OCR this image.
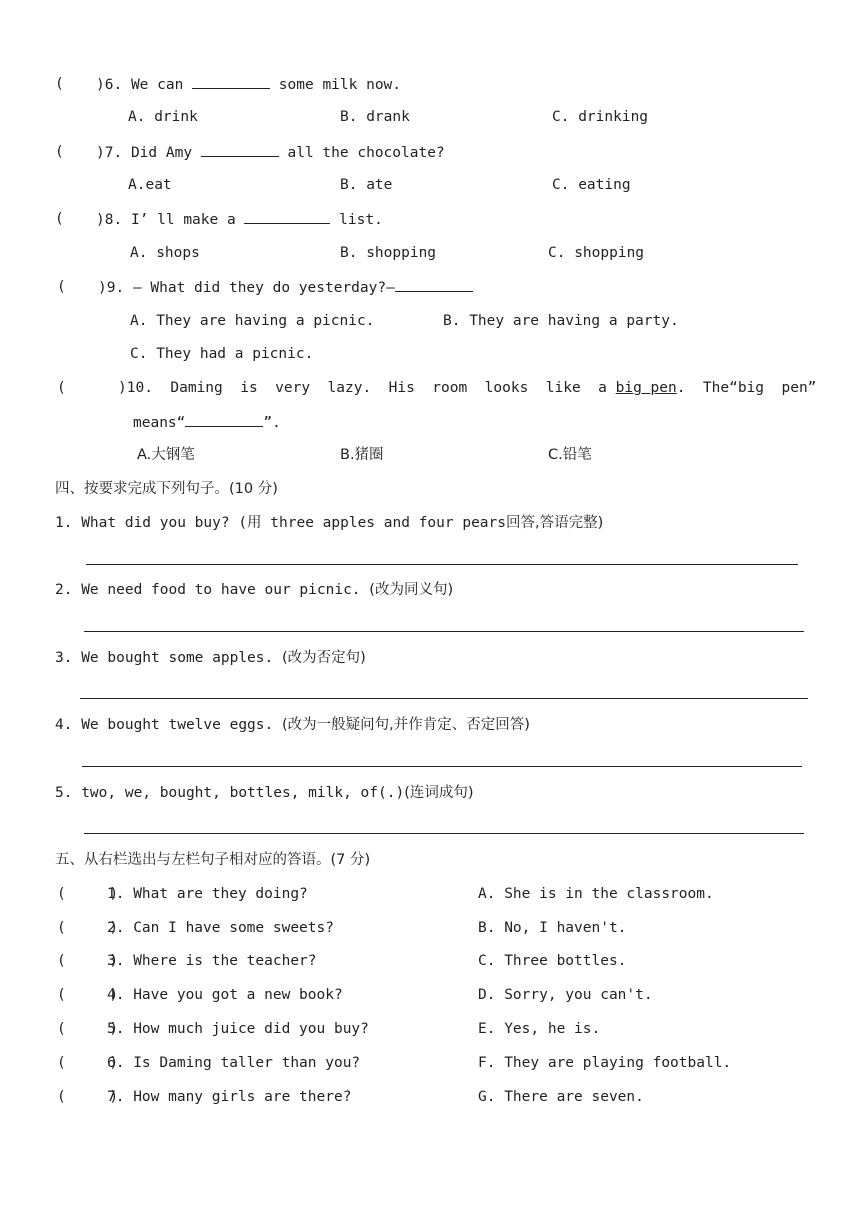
( )6. We can	some milk now.
A. drink	B. drank	C. drinking
( )7. Did Amy	all the chocolate?
A.eat	B. ate	C. eating
( )8. I’ ll make a	list.
A. shops	B. shopping	C. shopping
( )9. — What did they do yesterday?—
A. They are having a picnic.	B. They are having a party.
C. They had a picnic.
(	)10. Daming  is  very  lazy.  His  room  looks  like  a big pen.  The“big  pen”
means“	”.
A.大钢笔	B.猪圈	C.铅笔
四、按要求完成下列句子。(10 分)
1. What did you buy? (用 three apples and four pears回答,答语完整)
2. We need food to have our picnic. (改为同义句)
3. We bought some apples. (改为否定句)
4. We bought twelve eggs. (改为一般疑问句,并作肯定、否定回答)
5. two, we, bought, bottles, milk, of(.)(连词成句)
五、从右栏选出与左栏句子相对应的答语。(7 分)
(     )
1. What are they doing?	A. She is in the classroom.
(     )
2. Can I have some sweets?	B. No, I haven't.
(     )
3. Where is the teacher?	C. Three bottles.
(     )
4. Have you got a new book?	D. Sorry, you can't.
(     )
5. How much juice did you buy?	E. Yes, he is.
(     )
6. Is Daming taller than you?	F. They are playing football.
(     )
7. How many girls are there?	G. There are seven.
